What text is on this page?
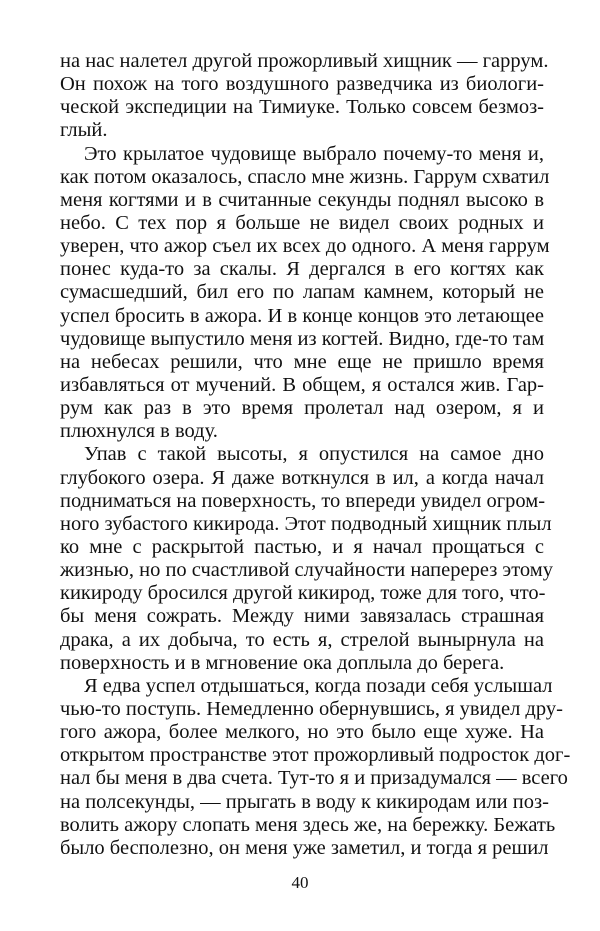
на нас налетел другой прожорливый хищник — гаррум.
Он похож на того воздушного разведчика из биологи-
ческой экспедиции на Тимиуке. Только совсем безмоз-
глый.
Это крылатое чудовище выбрало почему-то меня и,
как потом оказалось, спасло мне жизнь. Гаррум схватил
меня когтями и в считанные секунды поднял высоко в
небо. С тех пор я больше не видел своих родных и
уверен, что ажор съел их всех до одного. А меня гаррум
понес куда-то за скалы. Я дергался в его когтях как
сумасшедший, бил его по лапам камнем, который не
успел бросить в ажора. И в конце концов это летающее
чудовище выпустило меня из когтей. Видно, где-то там
на небесах решили, что мне еще не пришло время
избавляться от мучений. В общем, я остался жив. Гар-
рум как раз в это время пролетал над озером, я и
плюхнулся в воду.
Упав с такой высоты, я опустился на самое дно
глубокого озера. Я даже воткнулся в ил, а когда начал
подниматься на поверхность, то впереди увидел огром-
ного зубастого кикирода. Этот подводный хищник плыл
ко мне с раскрытой пастью, и я начал прощаться с
жизнью, но по счастливой случайности наперерез этому
кикироду бросился другой кикирод, тоже для того, что-
бы меня сожрать. Между ними завязалась страшная
драка, а их добыча, то есть я, стрелой вынырнула на
поверхность и в мгновение ока доплыла до берега.
Я едва успел отдышаться, когда позади себя услышал
чью-то поступь. Немедленно обернувшись, я увидел дру-
гого ажора, более мелкого, но это было еще хуже. На
открытом пространстве этот прожорливый подросток дог-
нал бы меня в два счета. Тут-то я и призадумался — всего
на полсекунды, — прыгать в воду к кикиродам или поз-
волить ажору слопать меня здесь же, на бережку. Бежать
было бесполезно, он меня уже заметил, и тогда я решил
40
